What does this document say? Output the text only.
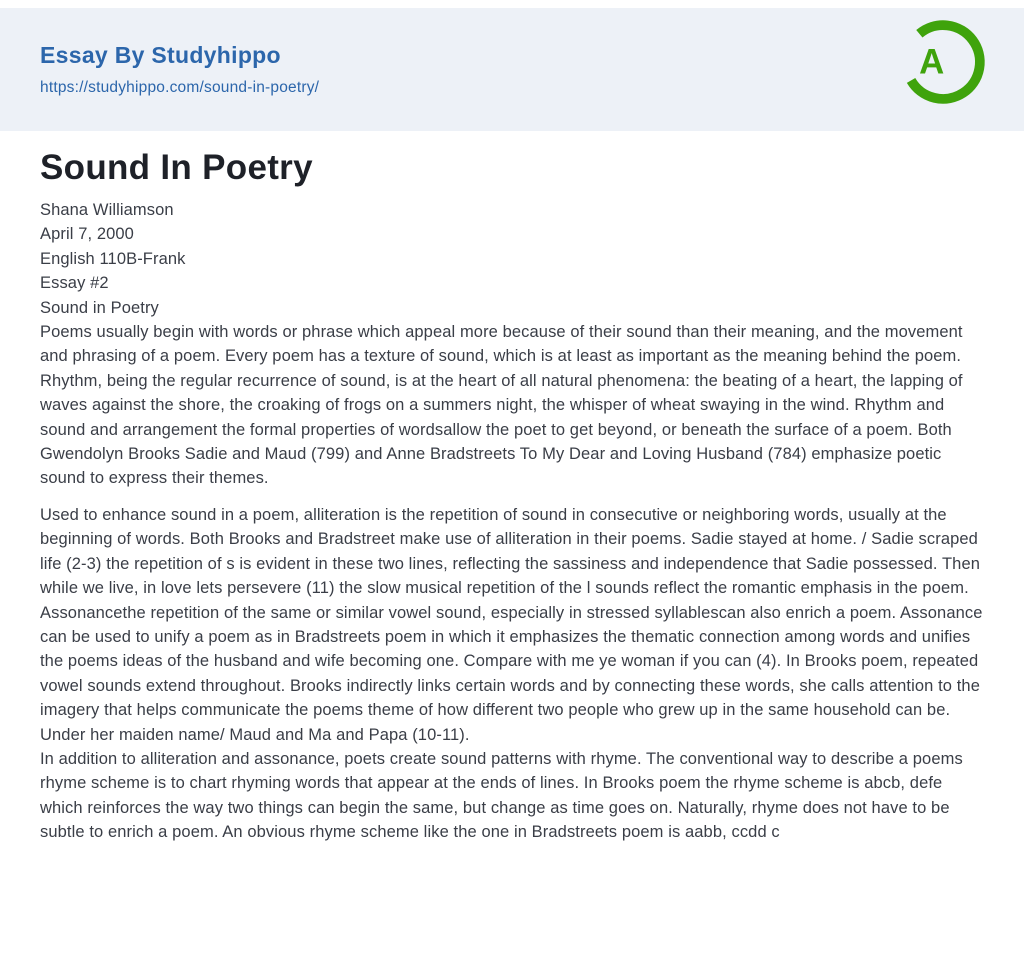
Essay By Studyhippo
https://studyhippo.com/sound-in-poetry/
A
Sound In Poetry
Shana Williamson
April 7, 2000
English 110B-Frank
Essay #2
Sound in Poetry

Poems usually begin with words or phrase which appeal more because of their sound than their meaning, and the movement and phrasing of a poem. Every poem has a texture of sound, which is at least as important as the meaning behind the poem. Rhythm, being the regular recurrence of sound, is at the heart of all natural phenomena: the beating of a heart, the lapping of waves against the shore, the croaking of frogs on a summers night, the whisper of wheat swaying in the wind. Rhythm and sound and arrangement the formal properties of wordsallow the poet to get beyond, or beneath the surface of a poem. Both Gwendolyn Brooks Sadie and Maud (799) and Anne Bradstreets To My Dear and Loving Husband (784) emphasize poetic sound to express their themes.

Used to enhance sound in a poem, alliteration is the repetition of sound in consecutive or neighboring words, usually at the beginning of words. Both Brooks and Bradstreet make use of alliteration in their poems. Sadie stayed at home. / Sadie scraped life (2-3) the repetition of s is evident in these two lines, reflecting the sassiness and independence that Sadie possessed. Then while we live, in love lets persevere (11) the slow musical repetition of the l sounds reflect the romantic emphasis in the poem.

Assonancethe repetition of the same or similar vowel sound, especially in stressed syllablescan also enrich a poem. Assonance can be used to unify a poem as in Bradstreets poem in which it emphasizes the thematic connection among words and unifies the poems ideas of the husband and wife becoming one. Compare with me ye woman if you can (4). In Brooks poem, repeated vowel sounds extend throughout. Brooks indirectly links certain words and by connecting these words, she calls attention to the imagery that helps communicate the poems theme of how different two people who grew up in the same household can be. Under her maiden name/ Maud and Ma and Papa (10-11).

In addition to alliteration and assonance, poets create sound patterns with rhyme. The conventional way to describe a poems rhyme scheme is to chart rhyming words that appear at the ends of lines. In Brooks poem the rhyme scheme is abcb, defe which reinforces the way two things can begin the same, but change as time goes on. Naturally, rhyme does not have to be subtle to enrich a poem. An obvious rhyme scheme like the one in Bradstreets poem is aabb, ccdd c
